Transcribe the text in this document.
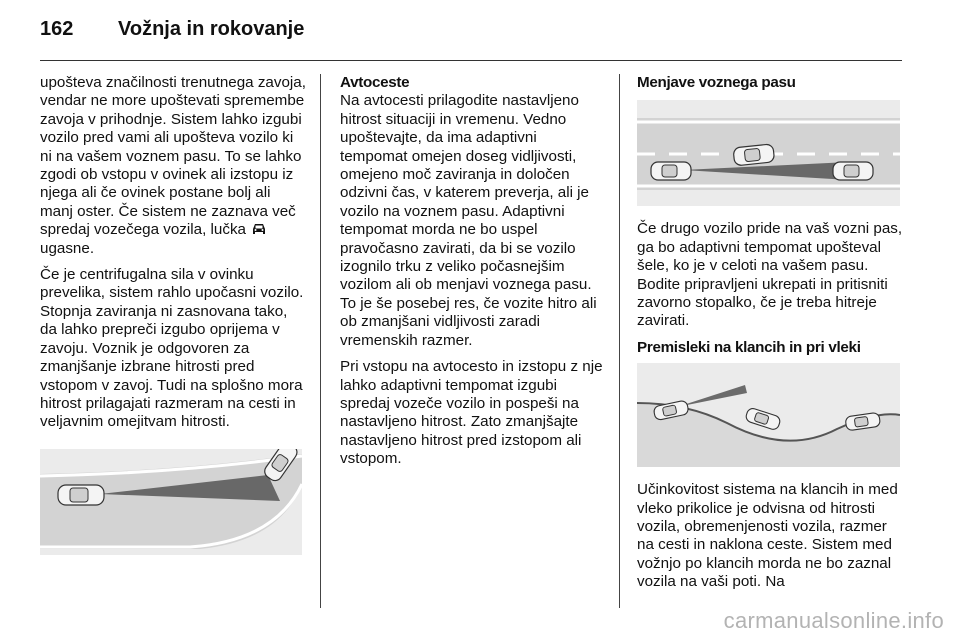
162 Vožnja in rokovanje

upošteva značilnosti trenutnega zavoja, vendar ne more upoštevati spremembe zavoja v prihodnje. Sistem lahko izgubi vozilo pred vami ali upošteva vozilo ki ni na vašem voznem pasu. To se lahko zgodi ob vstopu v ovinek ali izstopu iz njega ali če ovinek postane bolj ali manj oster. Če sistem ne zaznava več spredaj vozečega vozila, lučka  ugasne.

Če je centrifugalna sila v ovinku prevelika, sistem rahlo upočasni vozilo. Stopnja zaviranja ni zasnovana tako, da lahko prepreči izgubo oprijema v zavoju. Voznik je odgovoren za zmanjšanje izbrane hitrosti pred vstopom v zavoj. Tudi na splošno mora hitrost prilagajati razmeram na cesti in veljavnim omejitvam hitrosti.

Avtoceste

Na avtocesti prilagodite nastavljeno hitrost situaciji in vremenu. Vedno upoštevajte, da ima adaptivni tempomat omejen doseg vidljivosti, omejeno moč zaviranja in določen odzivni čas, v katerem preverja, ali je vozilo na voznem pasu. Adaptivni tempomat morda ne bo uspel pravočasno zavirati, da bi se vozilo izognilo trku z veliko počasnejšim vozilom ali ob menjavi voznega pasu. To je še posebej res, če vozite hitro ali ob zmanjšani vidljivosti zaradi vremenskih razmer.

Pri vstopu na avtocesto in izstopu z nje lahko adaptivni tempomat izgubi spredaj vozeče vozilo in pospeši na nastavljeno hitrost. Zato zmanjšajte nastavljeno hitrost pred izstopom ali vstopom.

Menjave voznega pasu

Če drugo vozilo pride na vaš vozni pas, ga bo adaptivni tempomat upošteval šele, ko je v celoti na vašem pasu. Bodite pripravljeni ukrepati in pritisniti zavorno stopalko, če je treba hitreje zavirati.

Premisleki na klancih in pri vleki

Učinkovitost sistema na klancih in med vleko prikolice je odvisna od hitrosti vozila, obremenjenosti vozila, razmer na cesti in naklona ceste. Sistem med vožnjo po klancih morda ne bo zaznal vozila na vaši poti. Na

carmanualsonline.info
